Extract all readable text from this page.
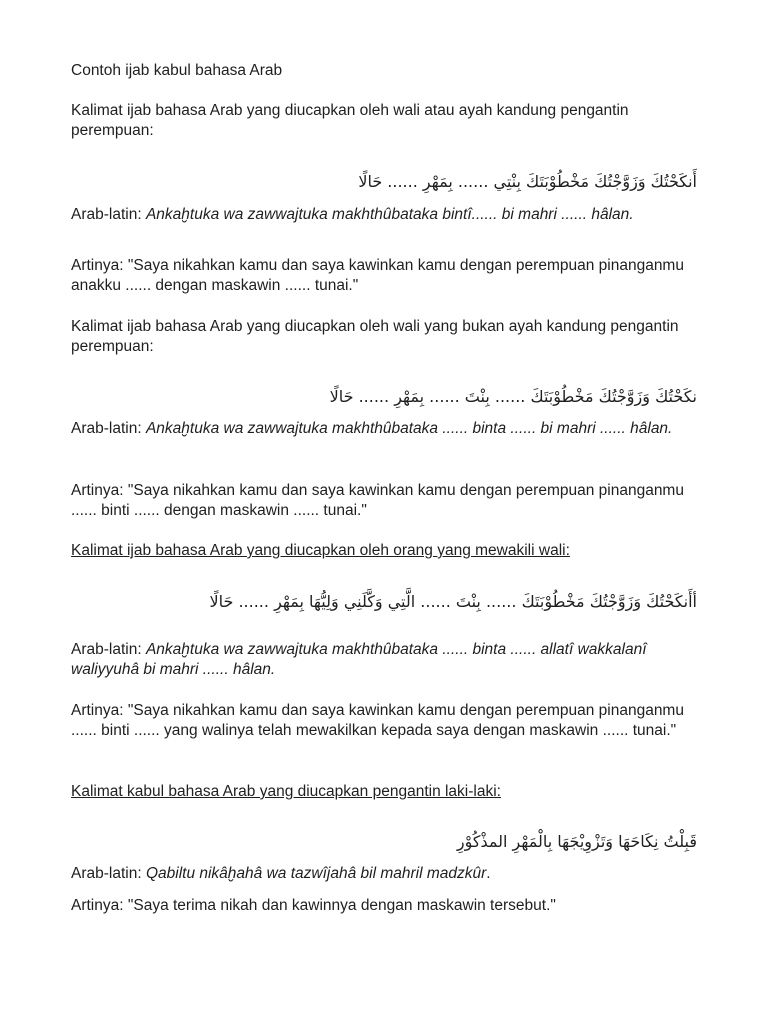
Contoh ijab kabul bahasa Arab

Kalimat ijab bahasa Arab yang diucapkan oleh wali atau ayah kandung pengantin perempuan:

أَنكَحْتُكَ وَزَوَّجْتُكَ مَخْطُوْبَتَكَ بِنْتِي ...... بِمَهْرِ ...... حَالًا

Arab-latin: Ankaḫtuka wa zawwajtuka makhthûbataka bintî...... bi mahri ...... hâlan.

Artinya: "Saya nikahkan kamu dan saya kawinkan kamu dengan perempuan pinanganmu anakku ...... dengan maskawin ...... tunai."

Kalimat ijab bahasa Arab yang diucapkan oleh wali yang bukan ayah kandung pengantin perempuan:

نكَحْتُكَ وَزَوَّجْتُكَ مَخْطُوْبَتَكَ ...... بِنْتَ ...... بِمَهْرِ ...... حَالًا

Arab-latin: Ankaḫtuka wa zawwajtuka makhthûbataka ...... binta ...... bi mahri ...... hâlan.

Artinya: "Saya nikahkan kamu dan saya kawinkan kamu dengan perempuan pinanganmu ...... binti ...... dengan maskawin ...... tunai."

Kalimat ijab bahasa Arab yang diucapkan oleh orang yang mewakili wali:

أأَنكَحْتُكَ وَزَوَّجْتُكَ مَخْطُوْبَتَكَ ...... بِنْتَ ...... الَّتِي وَكَّلَنِي وَلِيُّهَا بِمَهْرِ ...... حَالًا

Arab-latin: Ankaḫtuka wa zawwajtuka makhthûbataka ...... binta ...... allatî wakkalanî waliyyuhâ bi mahri ...... hâlan.

Artinya: "Saya nikahkan kamu dan saya kawinkan kamu dengan perempuan pinanganmu ...... binti ...... yang walinya telah mewakilkan kepada saya dengan maskawin ...... tunai."

Kalimat kabul bahasa Arab yang diucapkan pengantin laki-laki:

قَبِلْتُ نِكَاحَهَا وَتَزْوِيْجَهَا بِالْمَهْرِ المذْكُوْرِ

Arab-latin: Qabiltu nikâḫahâ wa tazwîjahâ bil mahril madzkûr.

Artinya: "Saya terima nikah dan kawinnya dengan maskawin tersebut."
